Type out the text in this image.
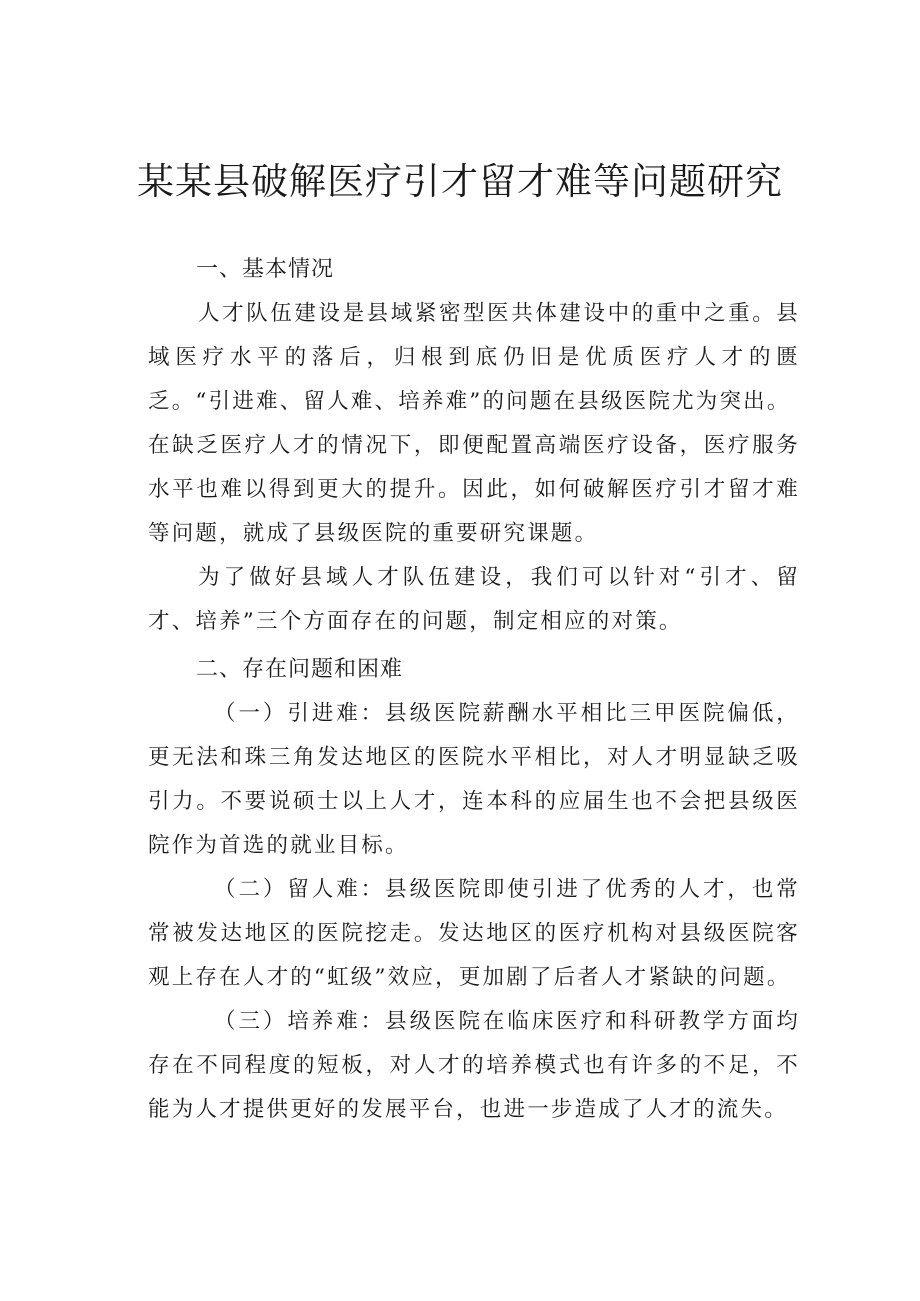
某某县破解医疗引才留才难等问题研究

一、基本情况

人才队伍建设是县域紧密型医共体建设中的重中之重。县域医疗水平的落后，归根到底仍旧是优质医疗人才的匮乏。“引进难、留人难、培养难”的问题在县级医院尤为突出。

在缺乏医疗人才的情况下，即便配置高端医疗设备，医疗服务水平也难以得到更大的提升。因此，如何破解医疗引才留才难等问题，就成了县级医院的重要研究课题。

为了做好县域人才队伍建设，我们可以针对“引才、留才、培养”三个方面存在的问题，制定相应的对策。

二、存在问题和困难

（一）引进难：县级医院薪酬水平相比三甲医院偏低，更无法和珠三角发达地区的医院水平相比，对人才明显缺乏吸引力。不要说硕士以上人才，连本科的应届生也不会把县级医院作为首选的就业目标。

（二）留人难：县级医院即使引进了优秀的人才，也常常被发达地区的医院挖走。发达地区的医疗机构对县级医院客观上存在人才的“虹级”效应，更加剧了后者人才紧缺的问题。

（三）培养难：县级医院在临床医疗和科研教学方面均存在不同程度的短板，对人才的培养模式也有许多的不足，不能为人才提供更好的发展平台，也进一步造成了人才的流失。
